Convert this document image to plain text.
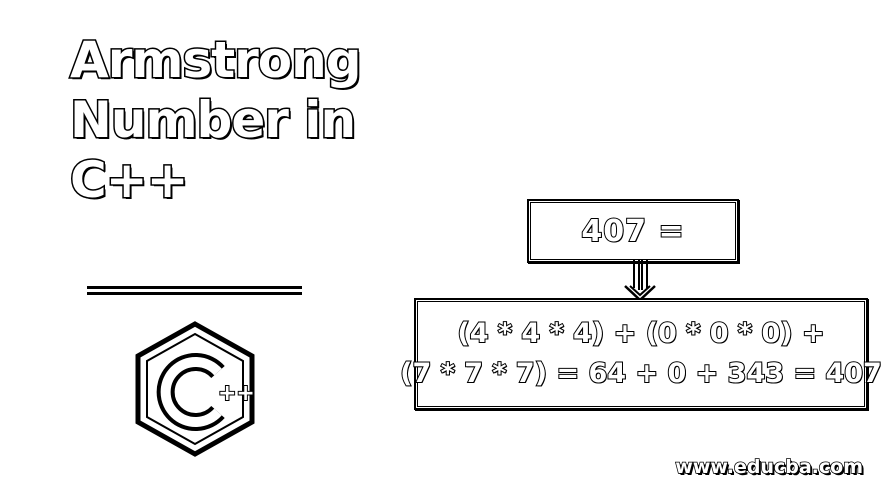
Armstrong
Number in
C++
++
407 =
(4 * 4 * 4) + (0 * 0 * 0) +
(7 * 7 * 7) = 64 + 0 + 343 = 407
www.educba.com
